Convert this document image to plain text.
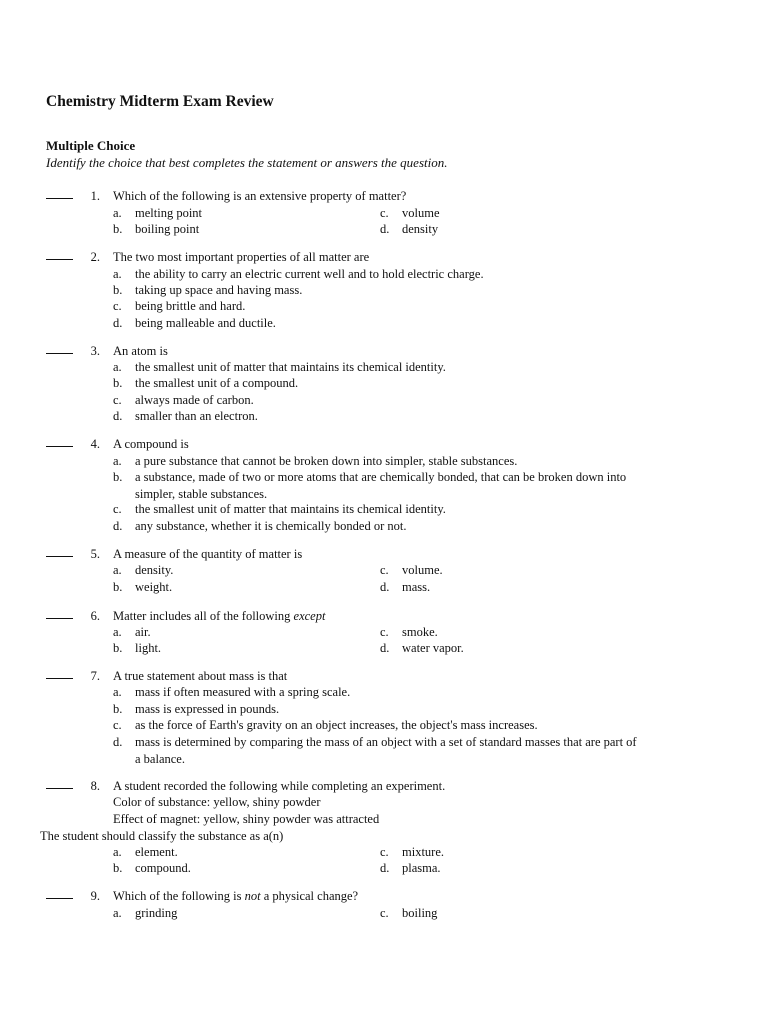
Chemistry Midterm Exam Review
Multiple Choice
Identify the choice that best completes the statement or answers the question.
1. Which of the following is an extensive property of matter?
a.	melting point
b.	boiling point
c.	volume
d.	density
2. The two most important properties of all matter are
a.	the ability to carry an electric current well and to hold electric charge.
b.	taking up space and having mass.
c.	being brittle and hard.
d.	being malleable and ductile.
3. An atom is
a.	the smallest unit of matter that maintains its chemical identity.
b.	the smallest unit of a compound.
c.	always made of carbon.
d.	smaller than an electron.
4. A compound is
a.	a pure substance that cannot be broken down into simpler, stable substances.
b.	a substance, made of two or more atoms that are chemically bonded, that can be broken down into simpler, stable substances.
c.	the smallest unit of matter that maintains its chemical identity.
d.	any substance, whether it is chemically bonded or not.
5. A measure of the quantity of matter is
a.	density.
b.	weight.
c.	volume.
d.	mass.
6. Matter includes all of the following except
a.	air.
b.	light.
c.	smoke.
d.	water vapor.
7. A true statement about mass is that
a.	mass if often measured with a spring scale.
b.	mass is expressed in pounds.
c.	as the force of Earth's gravity on an object increases, the object's mass increases.
d.	mass is determined by comparing the mass of an object with a set of standard masses that are part of a balance.
8. A student recorded the following while completing an experiment.
Color of substance: yellow, shiny powder
Effect of magnet: yellow, shiny powder was attracted
The student should classify the substance as a(n)
a.	element.
b.	compound.
c.	mixture.
d.	plasma.
9. Which of the following is not a physical change?
a.	grinding	c.	boiling
